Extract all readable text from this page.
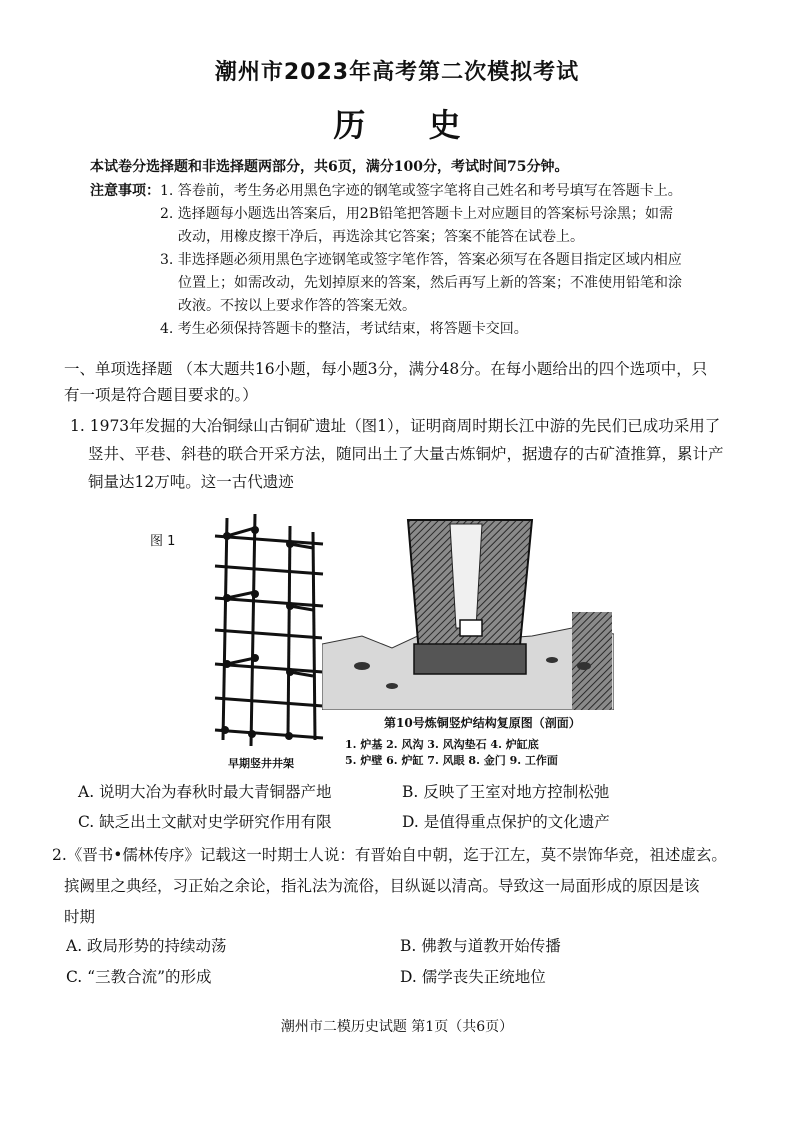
潮州市2023年高考第二次模拟考试
历 史
本试卷分选择题和非选择题两部分，共6页，满分100分，考试时间75分钟。
注意事项：1. 答卷前，考生务必用黑色字迹的钢笔或签字笔将自己姓名和考号填写在答题卡上。
2. 选择题每小题选出答案后，用2B铅笔把答题卡上对应题目的答案标号涂黑；如需
改动，用橡皮擦干净后，再选涂其它答案；答案不能答在试卷上。
3. 非选择题必须用黑色字迹钢笔或签字笔作答，答案必须写在各题目指定区域内相应
位置上；如需改动，先划掉原来的答案，然后再写上新的答案；不准使用铅笔和涂
改液。不按以上要求作答的答案无效。
4. 考生必须保持答题卡的整洁，考试结束，将答题卡交回。
一、单项选择题 （本大题共16小题，每小题3分，满分48分。在每小题给出的四个选项中，只
有一项是符合题目要求的。）
1. 1973年发掘的大冶铜绿山古铜矿遗址（图1），证明商周时期长江中游的先民们已成功采用了
竖井、平巷、斜巷的联合开采方法，随同出土了大量古炼铜炉，据遗存的古矿渣推算，累计产
铜量达12万吨。这一古代遗迹
图 1
早期竖井井架
第10号炼铜竖炉结构复原图（剖面）
1. 炉基 2. 风沟 3. 风沟垫石 4. 炉缸底
5. 炉壁 6. 炉缸 7. 风眼 8. 金门 9. 工作面
A. 说明大冶为春秋时最大青铜器产地	B. 反映了王室对地方控制松弛
C. 缺乏出土文献对史学研究作用有限	D. 是值得重点保护的文化遗产
2.《晋书•儒林传序》记载这一时期士人说：有晋始自中朝，迄于江左，莫不崇饰华竞，祖述虚玄。
摈阙里之典经，习正始之余论，指礼法为流俗，目纵诞以清高。导致这一局面形成的原因是该
时期
A. 政局形势的持续动荡	B. 佛教与道教开始传播
C. “三教合流”的形成	D. 儒学丧失正统地位
潮州市二模历史试题 第1页（共6页）
